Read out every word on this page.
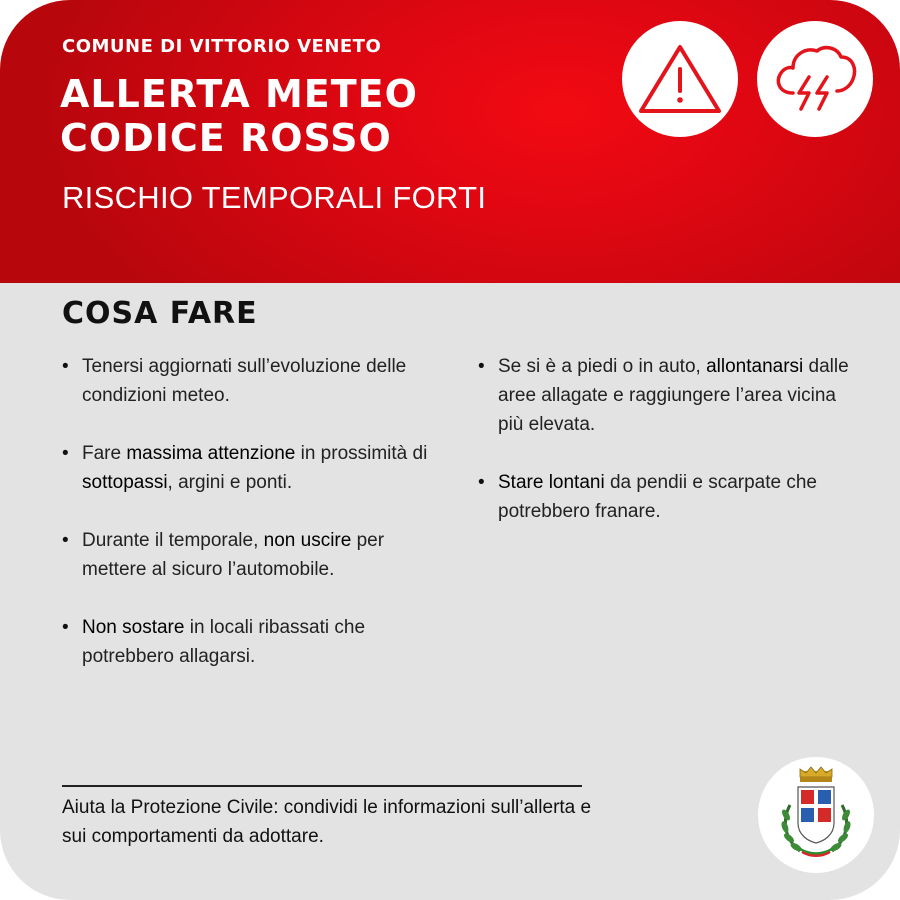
COMUNE DI VITTORIO VENETO
ALLERTA METEO
CODICE ROSSO
RISCHIO TEMPORALI FORTI
COSA FARE
• Tenersi aggiornati sull’evoluzione delle condizioni meteo.
• Fare massima attenzione in prossimità di sottopassi, argini e ponti.
• Durante il temporale, non uscire per mettere al sicuro l’automobile.
• Non sostare in locali ribassati che potrebbero allagarsi.
• Se si è a piedi o in auto, allontanarsi dalle aree allagate e raggiungere l’area vicina più elevata.
• Stare lontani da pendii e scarpate che potrebbero franare.
Aiuta la Protezione Civile: condividi le informazioni sull’allerta e sui comportamenti da adottare.
